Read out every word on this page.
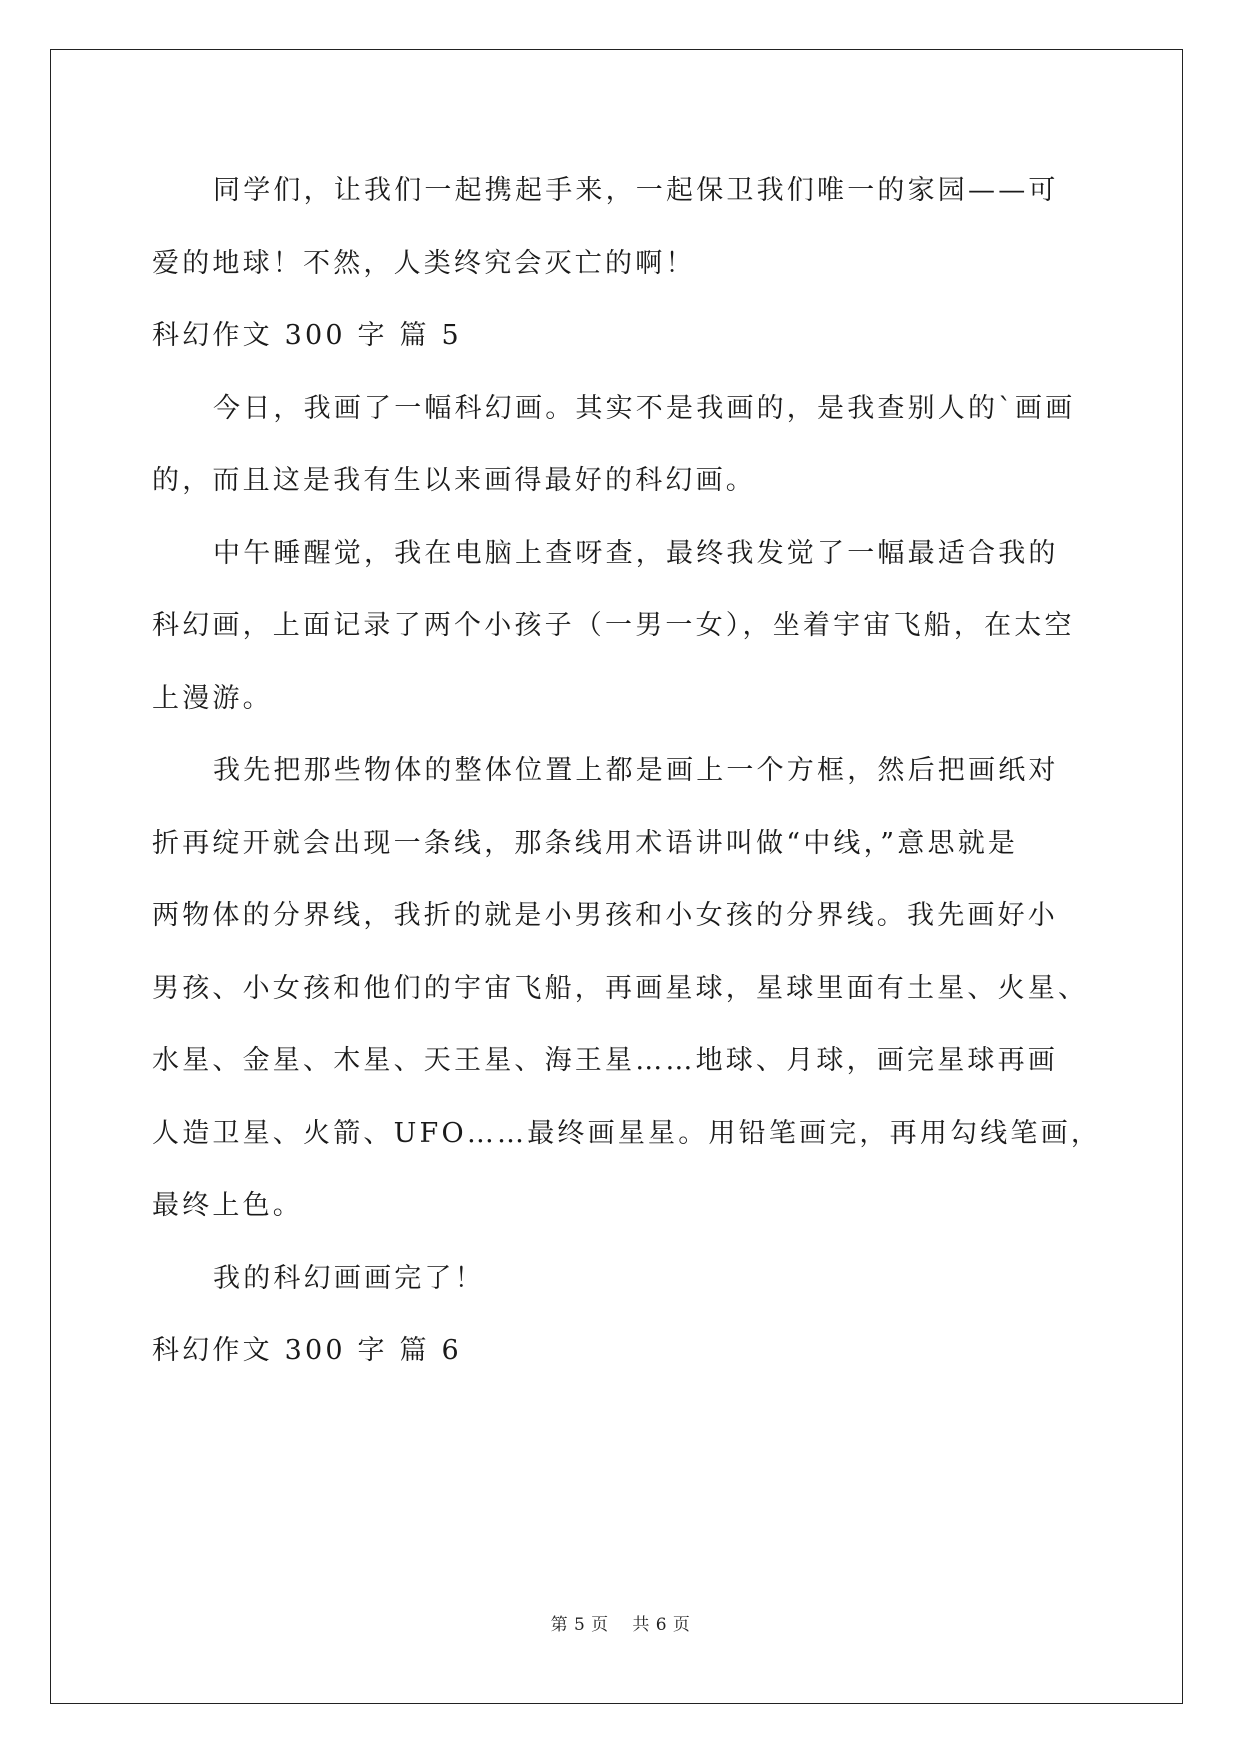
同学们，让我们一起携起手来，一起保卫我们唯一的家园——可
爱的地球！不然，人类终究会灭亡的啊！

科幻作文 300 字 篇 5

今日，我画了一幅科幻画。其实不是我画的，是我查别人的`画画
的，而且这是我有生以来画得最好的科幻画。

中午睡醒觉，我在电脑上查呀查，最终我发觉了一幅最适合我的
科幻画，上面记录了两个小孩子（一男一女），坐着宇宙飞船，在太空
上漫游。

我先把那些物体的整体位置上都是画上一个方框，然后把画纸对
折再绽开就会出现一条线，那条线用术语讲叫做“中线，”意思就是
两物体的分界线，我折的就是小男孩和小女孩的分界线。我先画好小
男孩、小女孩和他们的宇宙飞船，再画星球，星球里面有土星、火星、
水星、金星、木星、天王星、海王星……地球、月球，画完星球再画
人造卫星、火箭、UFO……最终画星星。用铅笔画完，再用勾线笔画，
最终上色。

我的科幻画画完了！

科幻作文 300 字 篇 6

第 5 页 共 6 页
